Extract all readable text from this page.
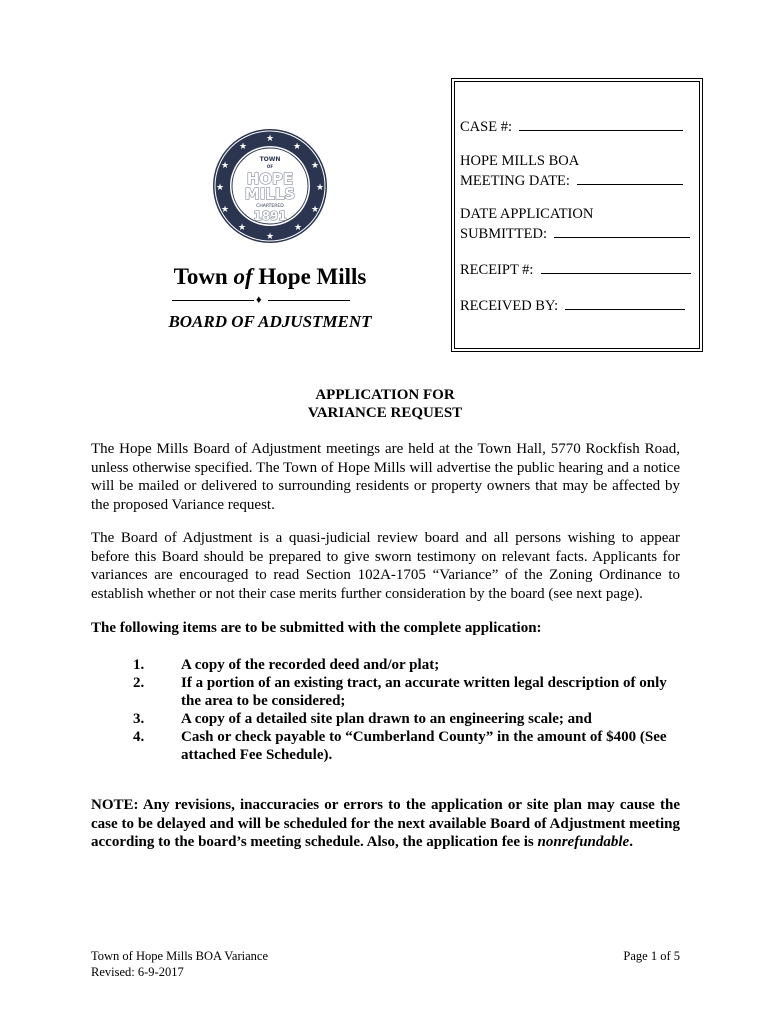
★
★
★
★
★
★
★
★
★
★
★
★
TOWN
OF
HOPE
MILLS
CHARTERED
1891
Town of Hope Mills
♦
BOARD OF ADJUSTMENT
CASE #:
HOPE MILLS BOA
MEETING DATE:
DATE APPLICATION
SUBMITTED:
RECEIPT #:
RECEIVED BY:
APPLICATION FOR
VARIANCE REQUEST
The Hope Mills Board of Adjustment meetings are held at the Town Hall, 5770 Rockfish Road, unless otherwise specified. The Town of Hope Mills will advertise the public hearing and a notice will be mailed or delivered to surrounding residents or property owners that may be affected by the proposed Variance request.
The Board of Adjustment is a quasi-judicial review board and all persons wishing to appear before this Board should be prepared to give sworn testimony on relevant facts. Applicants for variances are encouraged to read Section 102A-1705 “Variance” of the Zoning Ordinance to establish whether or not their case merits further consideration by the board (see next page).
The following items are to be submitted with the complete application:
1. A copy of the recorded deed and/or plat;
2. If a portion of an existing tract, an accurate written legal description of only the area to be considered;
3. A copy of a detailed site plan drawn to an engineering scale; and
4. Cash or check payable to “Cumberland County” in the amount of $400 (See attached Fee Schedule).
NOTE: Any revisions, inaccuracies or errors to the application or site plan may cause the case to be delayed and will be scheduled for the next available Board of Adjustment meeting according to the board’s meeting schedule. Also, the application fee is nonrefundable.
Town of Hope Mills BOA Variance
Revised: 6-9-2017
Page 1 of 5
